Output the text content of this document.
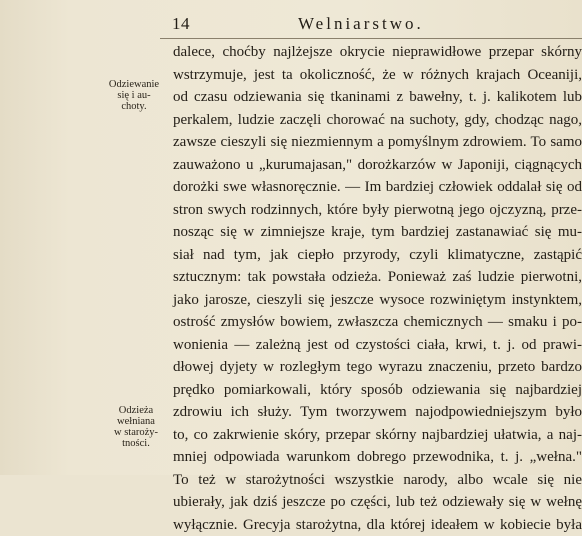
14	Welniarstwo.
Odziewanie
się i au-
choty.
Odzieża
wełniana
w staroży-
tności.
dalece, choćby najlżejsze okrycie nieprawidłowe przepar skórny
wstrzymuje, jest ta okoliczność, że w różnych krajach Oceaniji,
od czasu odziewania się tkaninami z bawełny, t. j. kalikotem lub
perkalem, ludzie zaczęli chorować na suchoty, gdy, chodząc nago,
zawsze cieszyli się niezmiennym a pomyślnym zdrowiem. To samo
zauważono u „kurumajasan," dorożkarzów w Japoniji, ciągnących
dorożki swe własnoręcznie. — Im bardziej człowiek oddalał się od
stron swych rodzinnych, które były pierwotną jego ojczyzną, prze-
nosząc się w zimniejsze kraje, tym bardziej zastanawiać się mu-
siał nad tym, jak ciepło przyrody, czyli klimatyczne, zastąpić
sztucznym: tak powstała odzieża. Ponieważ zaś ludzie pierwotni,
jako jarosze, cieszyli się jeszcze wysoce rozwiniętym instynktem,
ostrość zmysłów bowiem, zwłaszcza chemicznych — smaku i po-
wonienia — zależną jest od czystości ciała, krwi, t. j. od prawi-
dłowej dyjety w rozległym tego wyrazu znaczeniu, przeto bardzo
prędko pomiarkowali, który sposób odziewania się najbardziej
zdrowiu ich służy. Tym tworzywem najodpowiedniejszym było
to, co zakrwienie skóry, przepar skórny najbardziej ułatwia, a naj-
mniej odpowiada warunkom dobrego przewodnika, t. j. „wełna."
To też w starożytności wszystkie narody, albo wcale się nie
ubierały, jak dziś jeszcze po części, lub też odziewały się w wełnę
wyłącznie. Grecyja starożytna, dla której ideałem w kobiecie była
